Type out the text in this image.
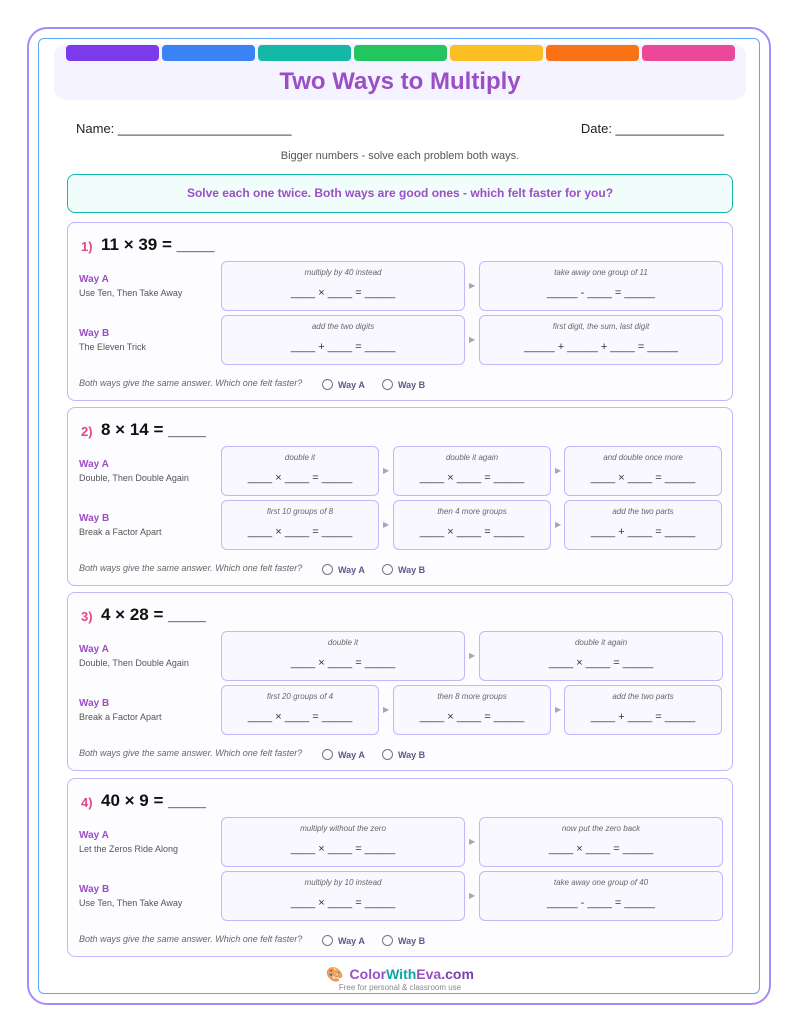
Two Ways to Multiply
Name: ________________________	Date: _______________
Bigger numbers - solve each problem both ways.
Solve each one twice. Both ways are good ones - which felt faster for you?
1) 11 × 39 = ____
Way A
Use Ten, Then Take Away
multiply by 40 instead
____ × ____ = _____
▶
take away one group of 11
_____ - ____ = _____
Way B
The Eleven Trick
add the two digits
____ + ____ = _____
▶
first digit, the sum, last digit
_____ + _____ + ____ = _____
Both ways give the same answer. Which one felt faster?	Way A	Way B
2) 8 × 14 = ____
Way A
Double, Then Double Again
double it
____ × ____ = _____
▶
double it again
____ × ____ = _____
▶
and double once more
____ × ____ = _____
Way B
Break a Factor Apart
first 10 groups of 8
____ × ____ = _____
▶
then 4 more groups
____ × ____ = _____
▶
add the two parts
____ + ____ = _____
Both ways give the same answer. Which one felt faster?	Way A	Way B
3) 4 × 28 = ____
Way A
Double, Then Double Again
double it
____ × ____ = _____
▶
double it again
____ × ____ = _____
Way B
Break a Factor Apart
first 20 groups of 4
____ × ____ = _____
▶
then 8 more groups
____ × ____ = _____
▶
add the two parts
____ + ____ = _____
Both ways give the same answer. Which one felt faster?	Way A	Way B
4) 40 × 9 = ____
Way A
Let the Zeros Ride Along
multiply without the zero
____ × ____ = _____
▶
now put the zero back
____ × ____ = _____
Way B
Use Ten, Then Take Away
multiply by 10 instead
____ × ____ = _____
▶
take away one group of 40
_____ - ____ = _____
Both ways give the same answer. Which one felt faster?	Way A	Way B
🎨 ColorWithEva.com
Free for personal & classroom use
